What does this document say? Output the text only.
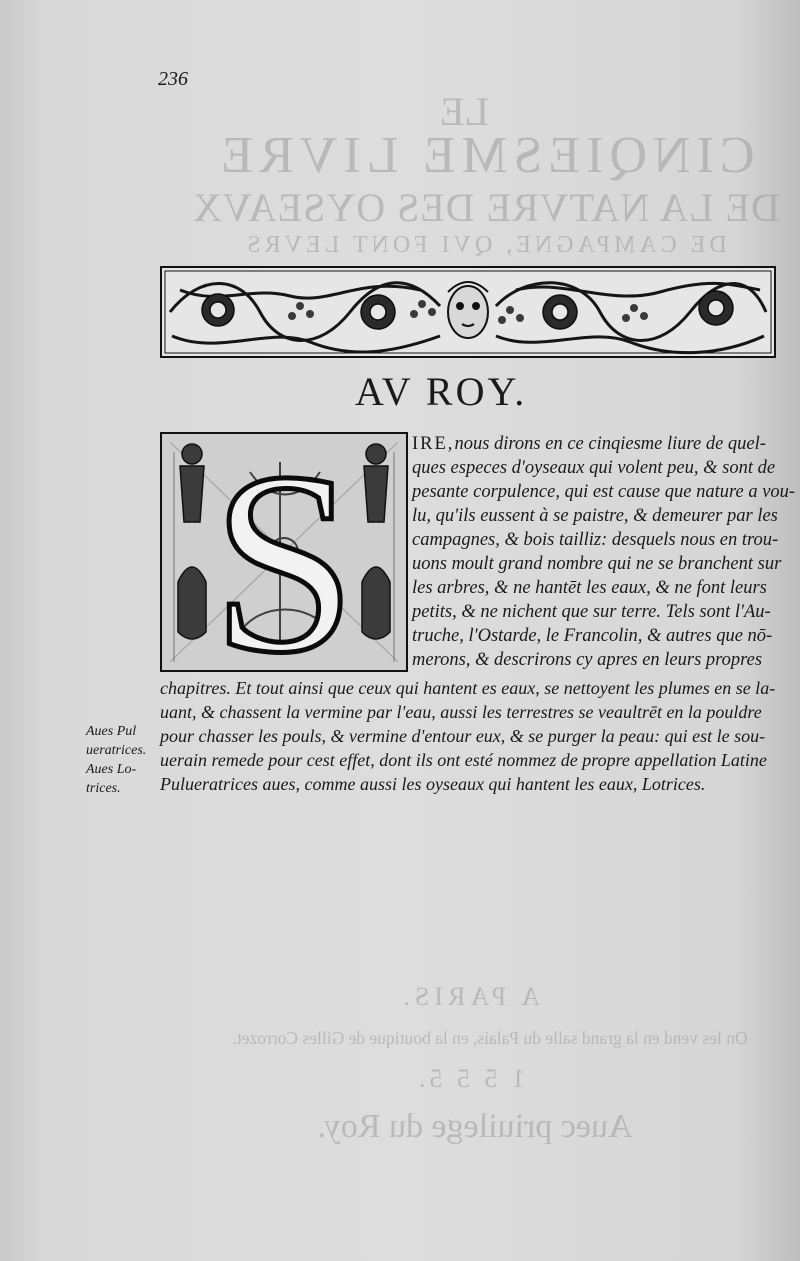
LE
CINQIESME LIVRE
DE LA NATVRE DES OYSEAVX
DE CAMPAGNE, QVI FONT LEVRS
A PARIS.
On les vend en la grand salle du Palais, en la boutique de Gilles Corrozet.
1 5 5 5.
Auec priuilege du Roy.
236
AV ROY.
S	IRE,nous dirons en ce cinqiesme liure de quel-
ques especes d'oyseaux qui volent peu, & sont de
pesante corpulence, qui est cause que nature a vou-
lu, qu'ils eussent à se paistre, & demeurer par les
campagnes, & bois tailliz: desquels nous en trou-
uons moult grand nombre qui ne se branchent sur
les arbres, & ne hantēt les eaux, & ne font leurs
petits, & ne nichent que sur terre. Tels sont l'Au-
truche, l'Ostarde, le Francolin, & autres que nō-
merons, & descrirons cy apres en leurs propres
chapitres. Et tout ainsi que ceux qui hantent es eaux, se nettoyent les plumes en se la-
uant, & chassent la vermine par l'eau, aussi les terrestres se veaultrēt en la pouldre
pour chasser les pouls, & vermine d'entour eux, & se purger la peau: qui est le sou-
uerain remede pour cest effet, dont ils ont esté nommez de propre appellation Latine
Pulueratrices aues, comme aussi les oyseaux qui hantent les eaux, Lotrices.
Aues Pul
ueratrices.
Aues Lo-
trices.
